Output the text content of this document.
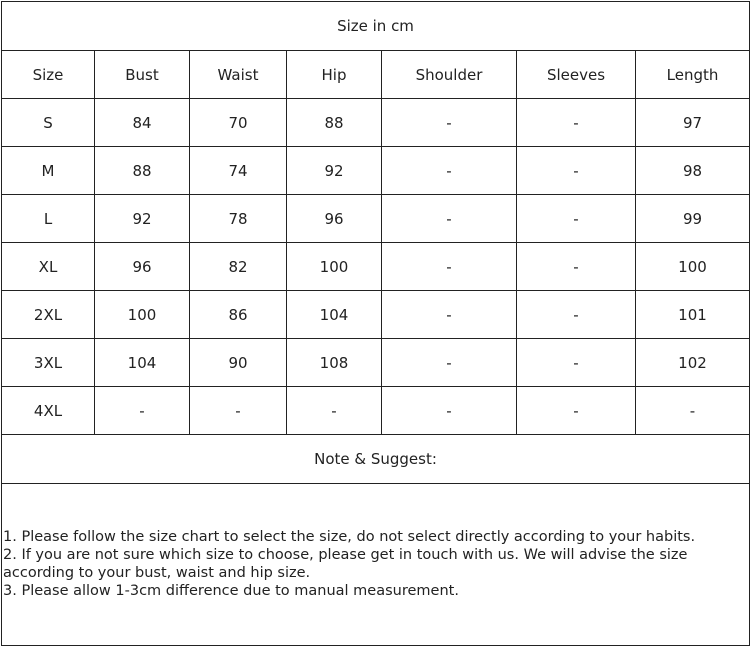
Size in cm						
Size	Bust	Waist	Hip	Shoulder	Sleeves	Length
S	84	70	88	-	-	97
M	88	74	92	-	-	98
L	92	78	96	-	-	99
XL	96	82	100	-	-	100
2XL	100	86	104	-	-	101
3XL	104	90	108	-	-	102
4XL	-	-	-	-	-	-
Note & Suggest:						

1. Please follow the size chart to select the size, do not select directly according to your habits.
2. If you are not sure which size to choose, please get in touch with us. We will advise the size according to your bust, waist and hip size.
3. Please allow 1-3cm difference due to manual measurement.						
